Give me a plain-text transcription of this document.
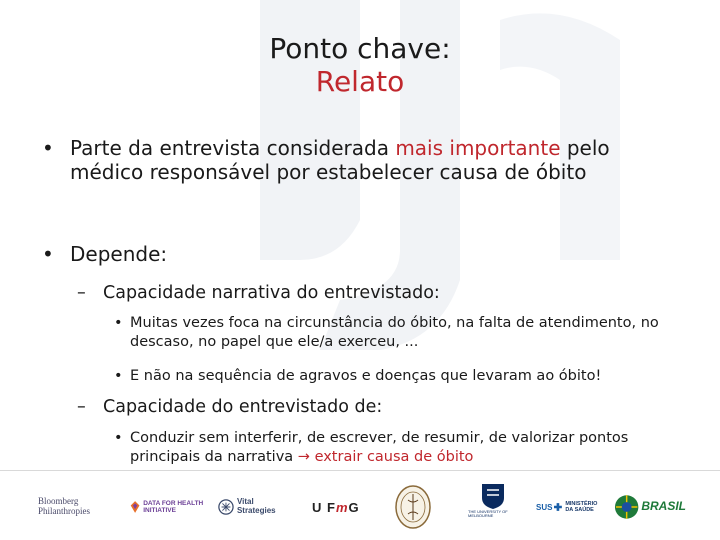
Ponto chave:
Relato
• Parte da entrevista considerada mais importante pelo médico responsável por estabelecer causa de óbito
• Depende:
– Capacidade narrativa do entrevistado:
• Muitas vezes foca na circunstância do óbito, na falta de atendimento, no descaso, no papel que ele/a exerceu, ...
• E não na sequência de agravos e doenças que levaram ao óbito!
– Capacidade do entrevistado de:
• Conduzir sem interferir, de escrever, de resumir, de valorizar pontos principais da narrativa → extrair causa de óbito
Bloomberg Philanthropies
DATA FOR HEALTH INITIATIVE
Vital Strategies	U F m G	THE UNIVERSITY OF MELBOURNE
SUS MINISTÉRIO DA SAÚDE	BRASIL
